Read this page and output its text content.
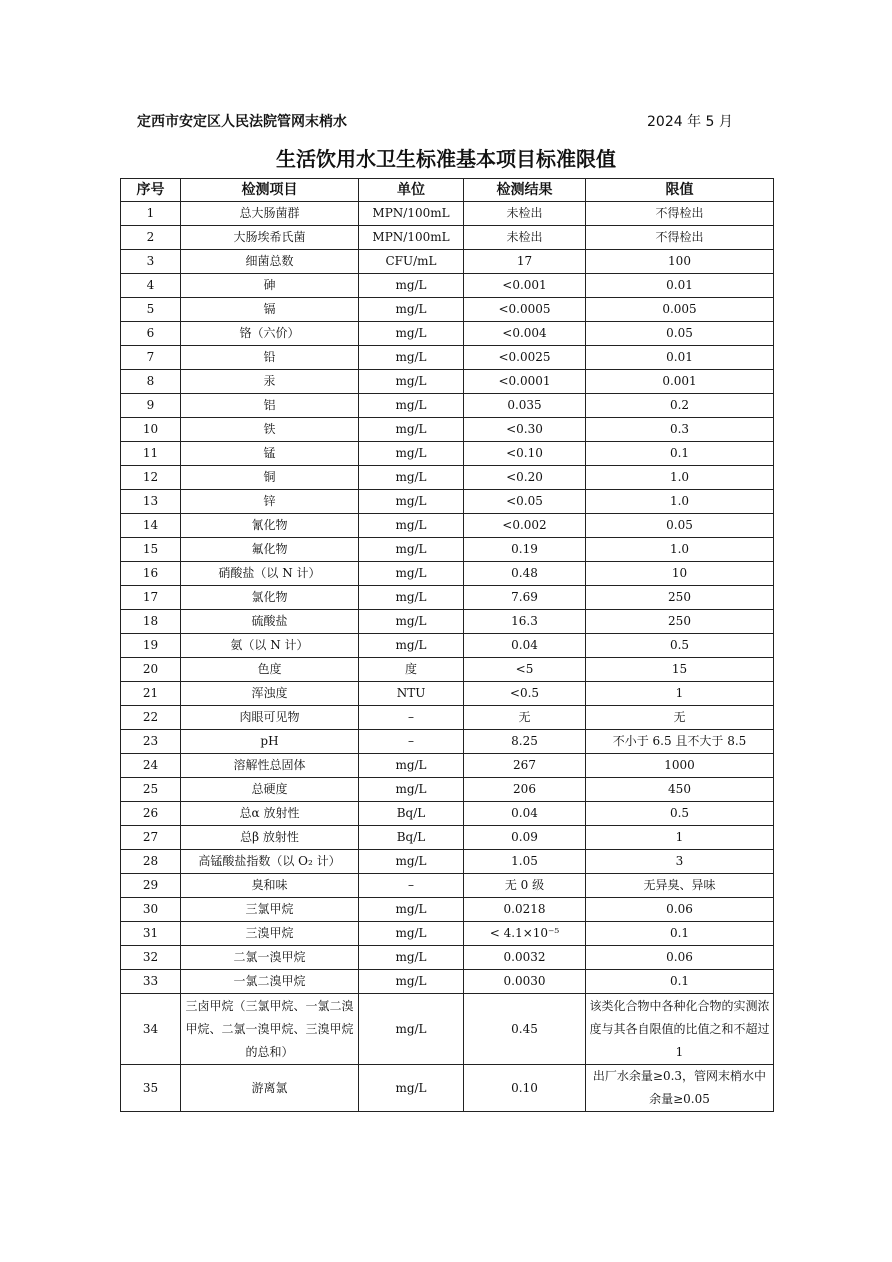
定西市安定区人民法院管网末梢水	2024 年 5 月
生活饮用水卫生标准基本项目标准限值
序号	检测项目	单位	检测结果	限值
1	总大肠菌群	MPN/100mL	未检出	不得检出
2	大肠埃希氏菌	MPN/100mL	未检出	不得检出
3	细菌总数	CFU/mL	17	100
4	砷	mg/L	<0.001	0.01
5	镉	mg/L	<0.0005	0.005
6	铬（六价）	mg/L	<0.004	0.05
7	铅	mg/L	<0.0025	0.01
8	汞	mg/L	<0.0001	0.001
9	铝	mg/L	0.035	0.2
10	铁	mg/L	<0.30	0.3
11	锰	mg/L	<0.10	0.1
12	铜	mg/L	<0.20	1.0
13	锌	mg/L	<0.05	1.0
14	氰化物	mg/L	<0.002	0.05
15	氟化物	mg/L	0.19	1.0
16	硝酸盐（以 N 计）	mg/L	0.48	10
17	氯化物	mg/L	7.69	250
18	硫酸盐	mg/L	16.3	250
19	氨（以 N 计）	mg/L	0.04	0.5
20	色度	度	<5	15
21	浑浊度	NTU	<0.5	1
22	肉眼可见物	–	无	无
23	pH	–	8.25	不小于 6.5 且不大于 8.5
24	溶解性总固体	mg/L	267	1000
25	总硬度	mg/L	206	450
26	总α 放射性	Bq/L	0.04	0.5
27	总β 放射性	Bq/L	0.09	1
28	高锰酸盐指数（以 O₂ 计）	mg/L	1.05	3
29	臭和味	–	无 0 级	无异臭、异味
30	三氯甲烷	mg/L	0.0218	0.06
31	三溴甲烷	mg/L	< 4.1×10⁻⁵	0.1
32	二氯一溴甲烷	mg/L	0.0032	0.06
33	一氯二溴甲烷	mg/L	0.0030	0.1
34	三卤甲烷（三氯甲烷、一氯二溴甲烷、二氯一溴甲烷、三溴甲烷的总和）	mg/L	0.45	该类化合物中各种化合物的实测浓度与其各自限值的比值之和不超过 1
35	游离氯	mg/L	0.10	出厂水余量≥0.3，管网末梢水中余量≥0.05
